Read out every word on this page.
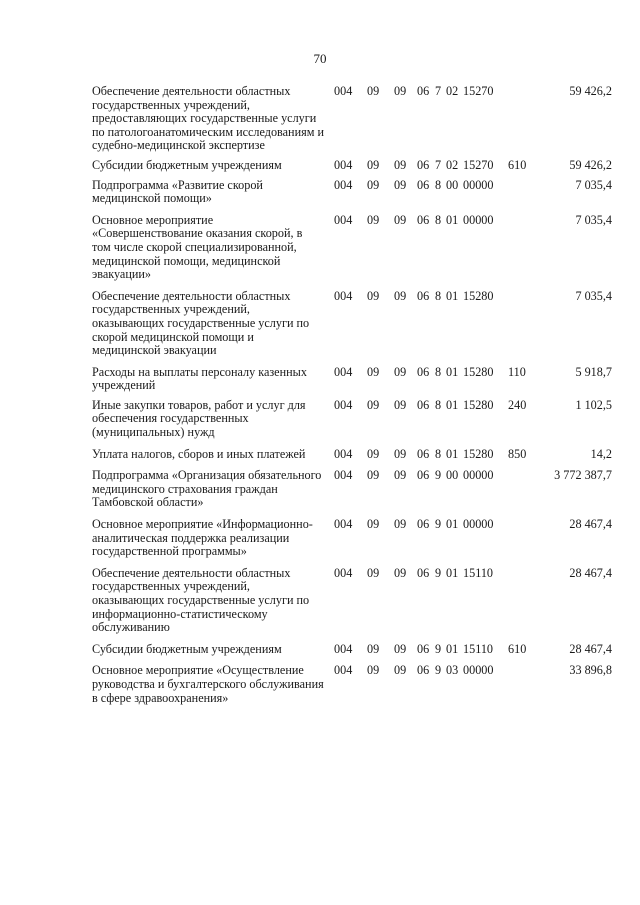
70
Обеспечение деятельности областных государственных учреждений, предоставляющих государственные услуги по патологоанатомическим исследованиям и судебно-медицинской экспертизе
004 09 09 06 7 02 15270	59 426,2
Субсидии бюджетным учреждениям	004 09 09 06 7 02 15270 610	59 426,2
Подпрограмма «Развитие скорой медицинской помощи»
004 09 09 06 8 00 00000	7 035,4
Основное мероприятие «Совершенствование оказания скорой, в том числе скорой специализированной, медицинской помощи, медицинской эвакуации»
004 09 09 06 8 01 00000	7 035,4
Обеспечение деятельности областных государственных учреждений, оказывающих государственные услуги по скорой медицинской помощи и медицинской эвакуации
004 09 09 06 8 01 15280	7 035,4
Расходы на выплаты персоналу казенных учреждений
004 09 09 06 8 01 15280 110	5 918,7
Иные закупки товаров, работ и услуг для обеспечения государственных (муниципальных) нужд
004 09 09 06 8 01 15280 240	1 102,5
Уплата налогов, сборов и иных платежей	004 09 09 06 8 01 15280 850	14,2
Подпрограмма «Организация обязательного медицинского страхования граждан Тамбовской области»
004 09 09 06 9 00 00000	3 772 387,7
Основное мероприятие «Информационно-аналитическая поддержка реализации государственной программы»
004 09 09 06 9 01 00000	28 467,4
Обеспечение деятельности областных государственных учреждений, оказывающих государственные услуги по информационно-статистическому обслуживанию
004 09 09 06 9 01 15110	28 467,4
Субсидии бюджетным учреждениям	004 09 09 06 9 01 15110 610	28 467,4
Основное мероприятие «Осуществление руководства и бухгалтерского обслуживания в сфере здравоохранения»
004 09 09 06 9 03 00000	33 896,8
